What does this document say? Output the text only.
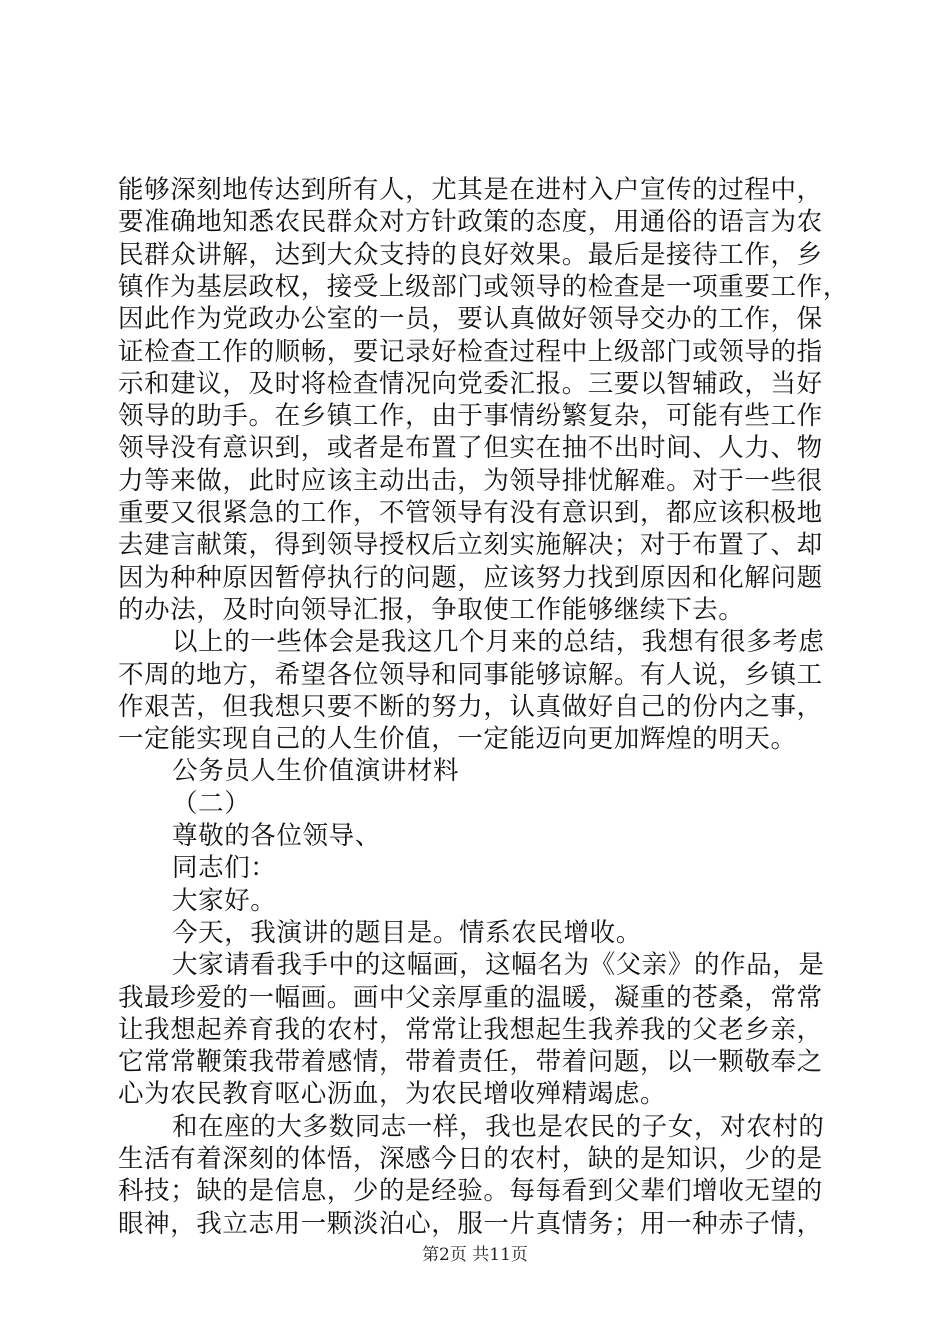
能够深刻地传达到所有人，尤其是在进村入户宣传的过程中，
要准确地知悉农民群众对方针政策的态度，用通俗的语言为农
民群众讲解，达到大众支持的良好效果。最后是接待工作，乡
镇作为基层政权，接受上级部门或领导的检查是一项重要工作，
因此作为党政办公室的一员，要认真做好领导交办的工作，保
证检查工作的顺畅，要记录好检查过程中上级部门或领导的指
示和建议，及时将检查情况向党委汇报。三要以智辅政，当好
领导的助手。在乡镇工作，由于事情纷繁复杂，可能有些工作
领导没有意识到，或者是布置了但实在抽不出时间、人力、物
力等来做，此时应该主动出击，为领导排忧解难。对于一些很
重要又很紧急的工作，不管领导有没有意识到，都应该积极地
去建言献策，得到领导授权后立刻实施解决；对于布置了、却
因为种种原因暂停执行的问题，应该努力找到原因和化解问题
的办法，及时向领导汇报，争取使工作能够继续下去。
以上的一些体会是我这几个月来的总结，我想有很多考虑
不周的地方，希望各位领导和同事能够谅解。有人说，乡镇工
作艰苦，但我想只要不断的努力，认真做好自己的份内之事，
一定能实现自己的人生价值，一定能迈向更加辉煌的明天。
公务员人生价值演讲材料
（二）
尊敬的各位领导、
同志们：
大家好。
今天，我演讲的题目是。情系农民增收。
大家请看我手中的这幅画，这幅名为《父亲》的作品，是
我最珍爱的一幅画。画中父亲厚重的温暖，凝重的苍桑，常常
让我想起养育我的农村，常常让我想起生我养我的父老乡亲，
它常常鞭策我带着感情，带着责任，带着问题，以一颗敬奉之
心为农民教育呕心沥血，为农民增收殚精竭虑。
和在座的大多数同志一样，我也是农民的子女，对农村的
生活有着深刻的体悟，深感今日的农村，缺的是知识，少的是
科技；缺的是信息，少的是经验。每每看到父辈们增收无望的
眼神，我立志用一颗淡泊心，服一片真情务；用一种赤子情，
第2页 共11页
